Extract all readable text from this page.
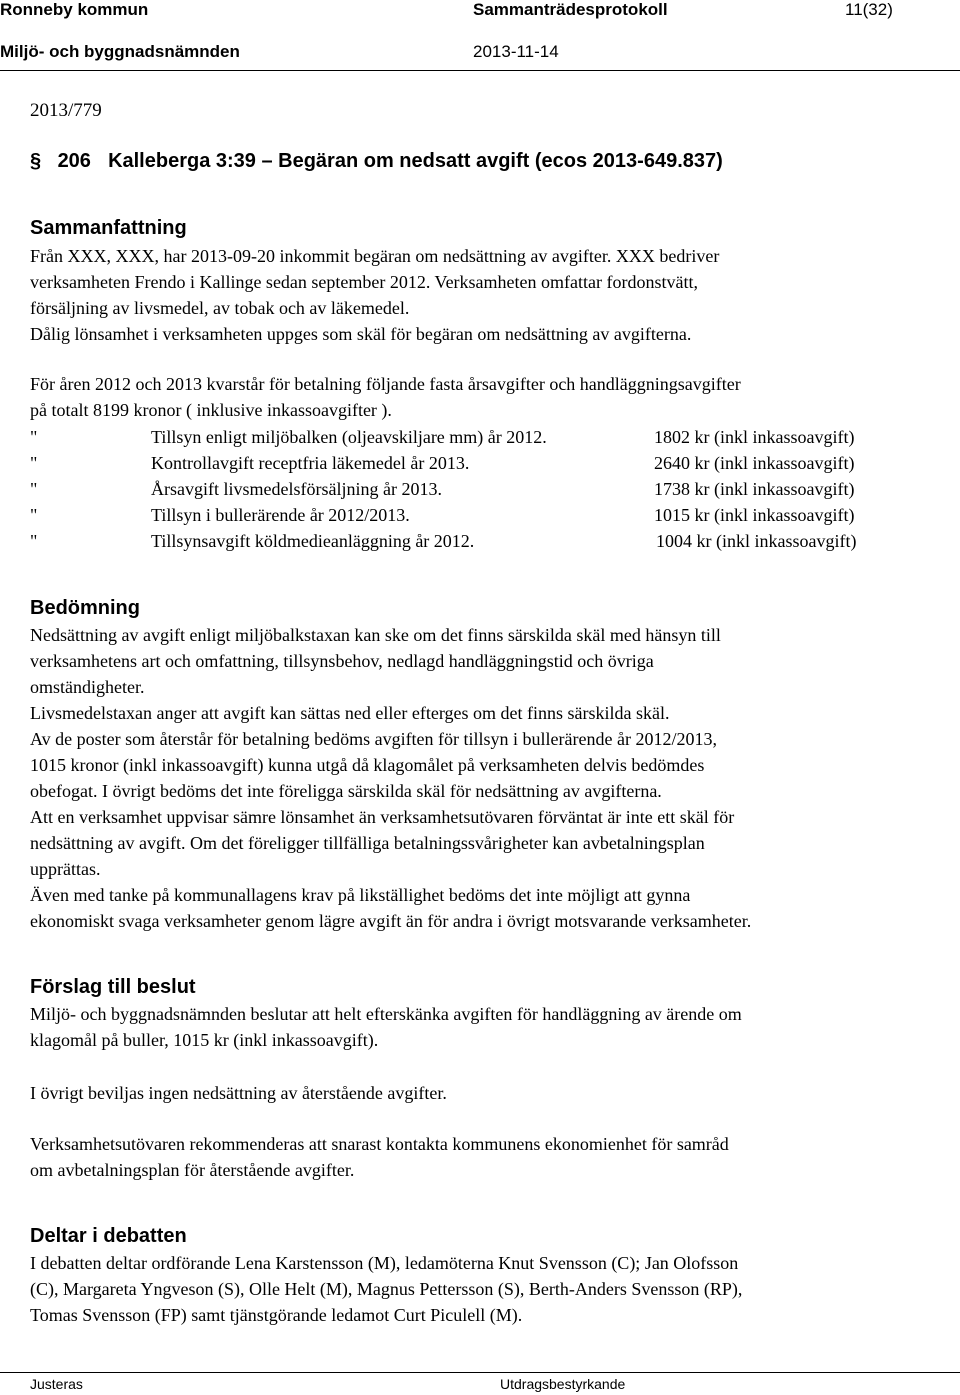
Ronneby kommun	Sammanträdesprotokoll	11(32)
Miljö- och byggnadsnämnden	2013-11-14
2013/779
§ 206 Kalleberga 3:39 – Begäran om nedsatt avgift (ecos 2013-649.837)
Sammanfattning
Från XXX, XXX, har 2013-09-20 inkommit begäran om nedsättning av avgifter. XXX bedriver
verksamheten Frendo i Kallinge sedan september 2012. Verksamheten omfattar fordonstvätt,
försäljning av livsmedel, av tobak och av läkemedel.
Dålig lönsamhet i verksamheten uppges som skäl för begäran om nedsättning av avgifterna.
För åren 2012 och 2013 kvarstår för betalning följande fasta årsavgifter och handläggningsavgifter
på totalt 8199 kronor ( inklusive inkassoavgifter ).
"	Tillsyn enligt miljöbalken (oljeavskiljare mm) år 2012.	1802 kr (inkl inkassoavgift)
"	Kontrollavgift receptfria läkemedel år 2013.	2640 kr (inkl inkassoavgift)
"	Årsavgift livsmedelsförsäljning år 2013.	1738 kr (inkl inkassoavgift)
"	Tillsyn i bullerärende år 2012/2013.	1015 kr (inkl inkassoavgift)
"	Tillsynsavgift köldmedieanläggning år 2012.	1004 kr (inkl inkassoavgift)
Bedömning
Nedsättning av avgift enligt miljöbalkstaxan kan ske om det finns särskilda skäl med hänsyn till
verksamhetens art och omfattning, tillsynsbehov, nedlagd handläggningstid och övriga
omständigheter.
Livsmedelstaxan anger att avgift kan sättas ned eller efterges om det finns särskilda skäl.
Av de poster som återstår för betalning bedöms avgiften för tillsyn i bullerärende år 2012/2013,
1015 kronor (inkl inkassoavgift) kunna utgå då klagomålet på verksamheten delvis bedömdes
obefogat. I övrigt bedöms det inte föreligga särskilda skäl för nedsättning av avgifterna.
Att en verksamhet uppvisar sämre lönsamhet än verksamhetsutövaren förväntat är inte ett skäl för
nedsättning av avgift. Om det föreligger tillfälliga betalningssvårigheter kan avbetalningsplan
upprättas.
Även med tanke på kommunallagens krav på likställighet bedöms det inte möjligt att gynna
ekonomiskt svaga verksamheter genom lägre avgift än för andra i övrigt motsvarande verksamheter.
Förslag till beslut
Miljö- och byggnadsnämnden beslutar att helt efterskänka avgiften för handläggning av ärende om
klagomål på buller, 1015 kr (inkl inkassoavgift).
I övrigt beviljas ingen nedsättning av återstående avgifter.
Verksamhetsutövaren rekommenderas att snarast kontakta kommunens ekonomienhet för samråd
om avbetalningsplan för återstående avgifter.
Deltar i debatten
I debatten deltar ordförande Lena Karstensson (M), ledamöterna Knut Svensson (C); Jan Olofsson
(C), Margareta Yngveson (S), Olle Helt (M), Magnus Pettersson (S), Berth-Anders Svensson (RP),
Tomas Svensson (FP) samt tjänstgörande ledamot Curt Piculell (M).
Justeras	Utdragsbestyrkande
